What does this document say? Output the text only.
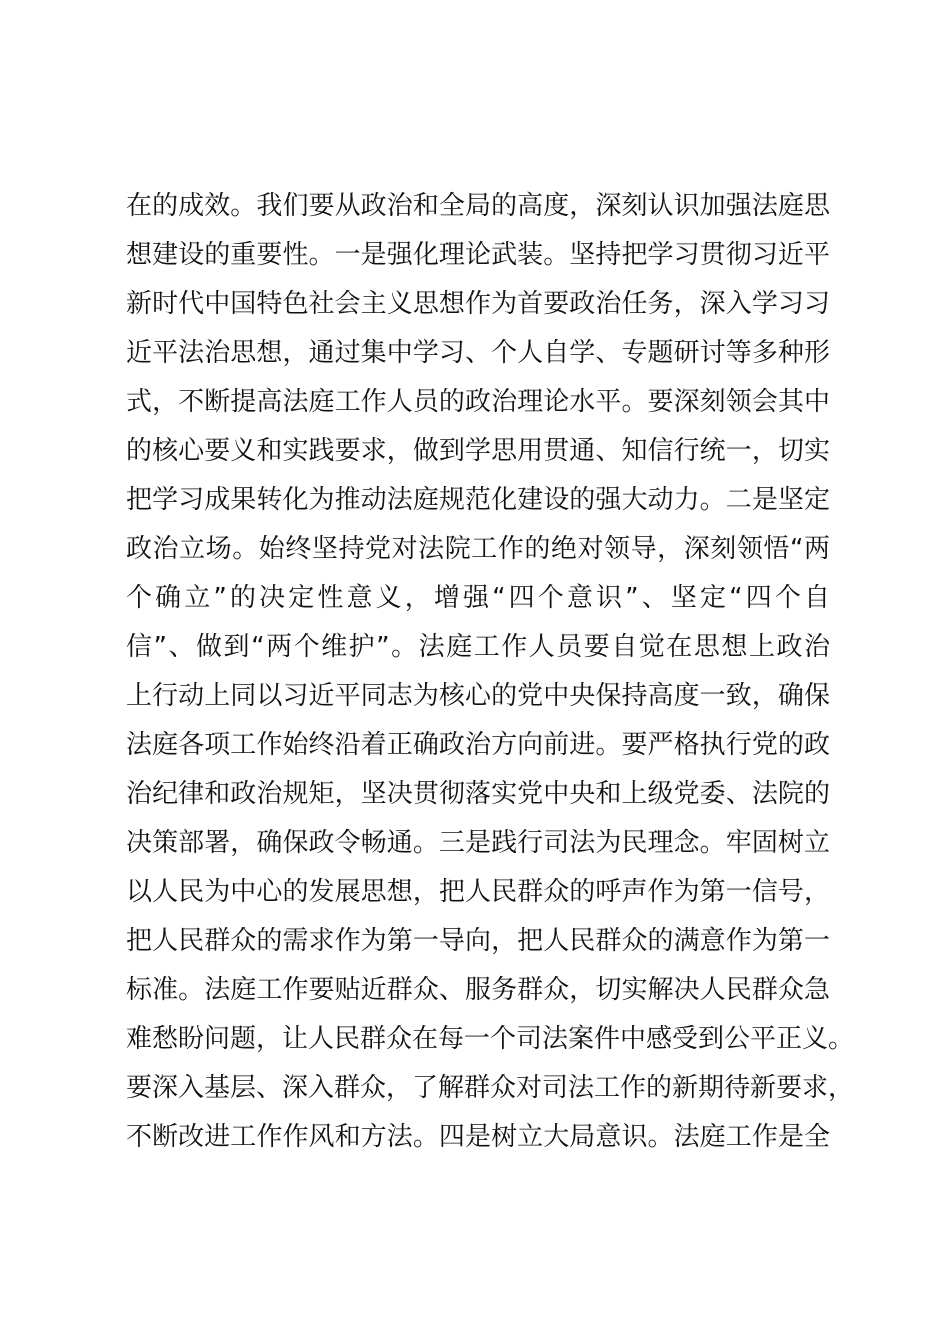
在的成效。我们要从政治和全局的高度，深刻认识加强法庭思
想建设的重要性。一是强化理论武装。坚持把学习贯彻习近平
新时代中国特色社会主义思想作为首要政治任务，深入学习习
近平法治思想，通过集中学习、个人自学、专题研讨等多种形
式，不断提高法庭工作人员的政治理论水平。要深刻领会其中
的核心要义和实践要求，做到学思用贯通、知信行统一，切实
把学习成果转化为推动法庭规范化建设的强大动力。二是坚定
政治立场。始终坚持党对法院工作的绝对领导，深刻领悟“两
个确立”的决定性意义，增强“四个意识”、坚定“四个自
信”、做到“两个维护”。法庭工作人员要自觉在思想上政治
上行动上同以习近平同志为核心的党中央保持高度一致，确保
法庭各项工作始终沿着正确政治方向前进。要严格执行党的政
治纪律和政治规矩，坚决贯彻落实党中央和上级党委、法院的
决策部署，确保政令畅通。三是践行司法为民理念。牢固树立
以人民为中心的发展思想，把人民群众的呼声作为第一信号，
把人民群众的需求作为第一导向，把人民群众的满意作为第一
标准。法庭工作要贴近群众、服务群众，切实解决人民群众急
难愁盼问题，让人民群众在每一个司法案件中感受到公平正义。
要深入基层、深入群众，了解群众对司法工作的新期待新要求，
不断改进工作作风和方法。四是树立大局意识。法庭工作是全
